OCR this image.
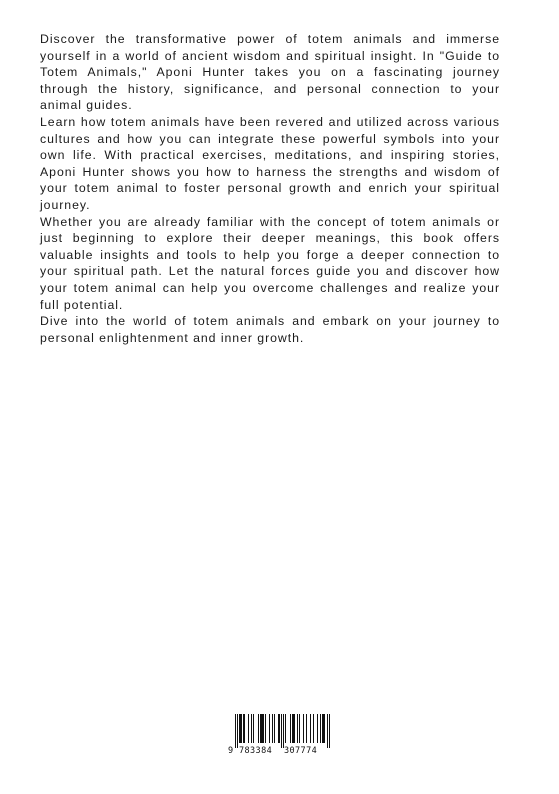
Discover the transformative power of totem animals and immerse yourself in a world of ancient wisdom and spiritual insight. In "Guide to Totem Animals," Aponi Hunter takes you on a fascinating journey through the history, significance, and personal connection to your animal guides.

Learn how totem animals have been revered and utilized across various cultures and how you can integrate these powerful symbols into your own life. With practical exercises, meditations, and inspiring stories, Aponi Hunter shows you how to harness the strengths and wisdom of your totem animal to foster personal growth and enrich your spiritual journey.

Whether you are already familiar with the concept of totem animals or just beginning to explore their deeper meanings, this book offers valuable insights and tools to help you forge a deeper connection to your spiritual path. Let the natural forces guide you and discover how your totem animal can help you overcome challenges and realize your full potential.

Dive into the world of totem animals and embark on your journey to personal enlightenment and inner growth.

9 783384 307774
